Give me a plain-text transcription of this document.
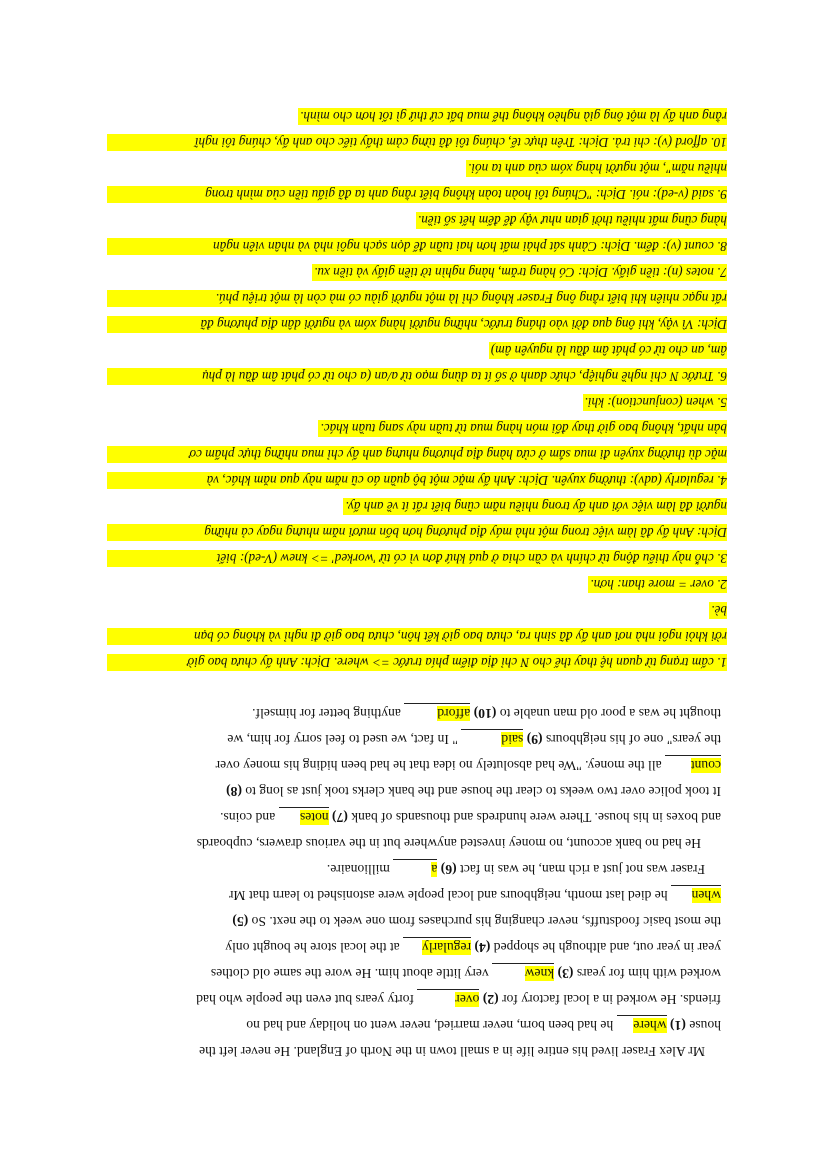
Mr Alex Fraser lived his entire life in a small town in the North of England. He never left the
house (1) where he had been born, never married, never went on holiday and had no
friends. He worked in a local factory for (2) over forty years but even the people who had
worked with him for years (3) knew very little about him. He wore the same old clothes
year in year out, and although he shopped (4) regularly at the local store he bought only
the most basic foodstuffs, never changing his purchases from one week to the next. So (5)
when he died last month, neighbours and local people were astonished to learn that Mr
Fraser was not just a rich man, he was in fact (6) a millionaire.
He had no bank account, no money invested anywhere but in the various drawers, cupboards
and boxes in his house. There were hundreds and thousands of bank (7) notes and coins.
It took police over two weeks to clear the house and the bank clerks took just as long to (8)
count all the money. "We had absolutely no idea that he had been hiding his money over
the years" one of his neighbours (9) said " In fact, we used to feel sorry for him, we
thought he was a poor old man unable to (10) afford anything better for himself.
1. cấm trạng từ quan hệ thay thế cho N chỉ địa điểm phía trước => where. Dịch: Anh ấy chưa bao giờ
rời khỏi ngôi nhà nơi anh ấy đã sinh ra, chưa bao giờ kết hôn, chưa bao giờ đi nghỉ và không có bạn
bè.
2. over = more than: hơn.
3. chỗ này thiếu động từ chính và cần chia ở quá khứ đơn vì có từ 'worked' => knew (V-ed): biết
Dịch: Anh ấy đã làm việc trong một nhà máy địa phương hơn bốn mươi năm nhưng ngay cả những
người đã làm việc với anh ấy trong nhiều năm cũng biết rất ít về anh ấy.
4. regularly (adv): thường xuyên. Dịch: Anh ấy mặc một bộ quần áo cũ năm này qua năm khác, và
mặc dù thường xuyên đi mua sắm ở cửa hàng địa phương nhưng anh ấy chỉ mua những thực phẩm cơ
bản nhất, không bao giờ thay đổi món hàng mua từ tuần này sang tuần khác.
5. when (conjunction): khi.
6. Trước N chỉ nghề nghiệp, chức danh ở số ít ta dùng mạo từ a/an (a cho từ có phát âm đầu là phụ
âm, an cho từ có phát âm đầu là nguyên âm)
Dịch: Vì vậy, khi ông qua đời vào tháng trước, những người hàng xóm và người dân địa phương đã
rất ngạc nhiên khi biết rằng ông Fraser không chỉ là một người giàu có mà còn là một triệu phú.
7. notes (n): tiền giấy. Dịch: Có hàng trăm, hàng nghìn tờ tiền giấy và tiền xu.
8. count (v): đếm. Dịch: Cảnh sát phải mất hơn hai tuần để dọn sạch ngôi nhà và nhân viên ngân
hàng cũng mất nhiều thời gian như vậy để đếm hết số tiền.
9. said (v-ed): nói. Dịch: "Chúng tôi hoàn toàn không biết rằng anh ta đã giấu tiền của mình trong
nhiều năm", một người hàng xóm của anh ta nói.
10. afford (v): chi trả. Dịch: Trên thực tế, chúng tôi đã từng cảm thấy tiếc cho anh ấy, chúng tôi nghĩ
rằng anh ấy là một ông già nghèo không thể mua bất cứ thứ gì tốt hơn cho mình.
